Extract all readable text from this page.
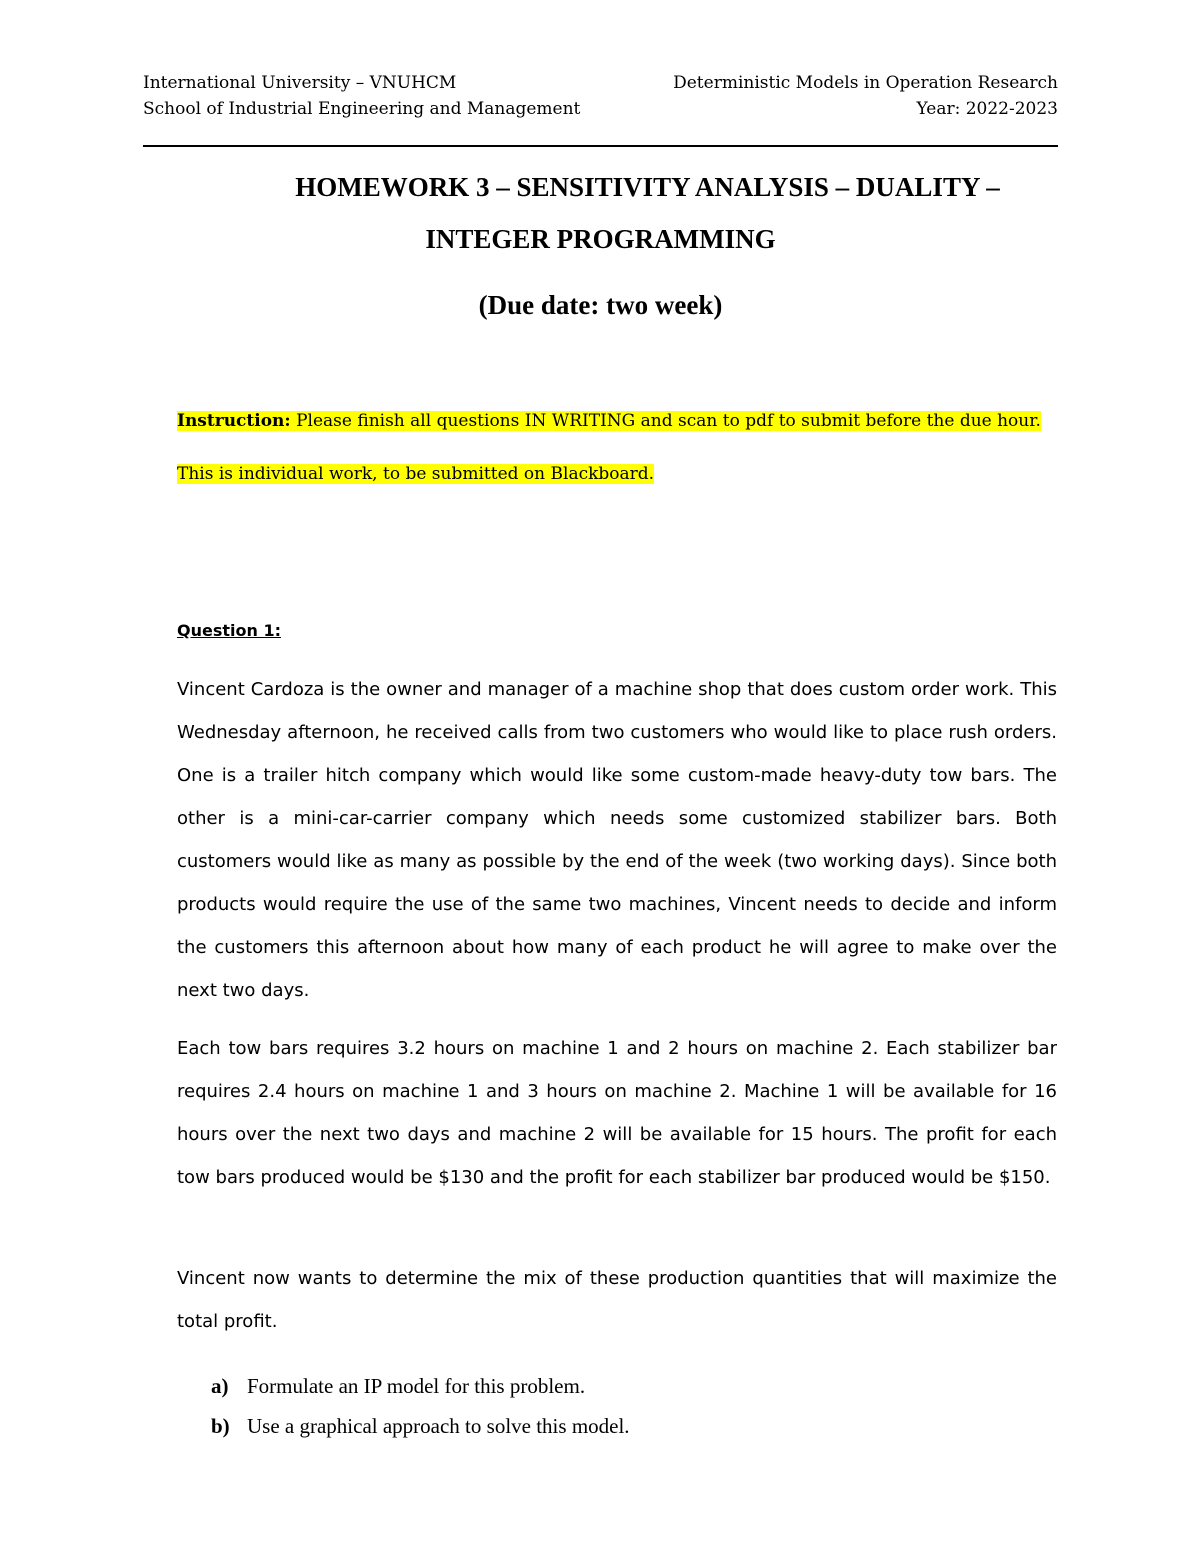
International University – VNUHCM
School of Industrial Engineering and Management
Deterministic Models in Operation Research
Year: 2022-2023
HOMEWORK 3 – SENSITIVITY ANALYSIS – DUALITY –
INTEGER PROGRAMMING
(Due date: two week)
Instruction: Please finish all questions IN WRITING and scan to pdf to submit before the due hour.
This is individual work, to be submitted on Blackboard.
Question 1:
Vincent Cardoza is the owner and manager of a machine shop that does custom order work. This Wednesday afternoon, he received calls from two customers who would like to place rush orders. One is a trailer hitch company which would like some custom-made heavy-duty tow bars. The other is a mini-car-carrier company which needs some customized stabilizer bars. Both customers would like as many as possible by the end of the week (two working days). Since both products would require the use of the same two machines, Vincent needs to decide and inform the customers this afternoon about how many of each product he will agree to make over the next two days.
Each tow bars requires 3.2 hours on machine 1 and 2 hours on machine 2. Each stabilizer bar requires 2.4 hours on machine 1 and 3 hours on machine 2. Machine 1 will be available for 16 hours over the next two days and machine 2 will be available for 15 hours. The profit for each tow bars produced would be $130 and the profit for each stabilizer bar produced would be $150.
Vincent now wants to determine the mix of these production quantities that will maximize the total profit.
a) Formulate an IP model for this problem.
b) Use a graphical approach to solve this model.
